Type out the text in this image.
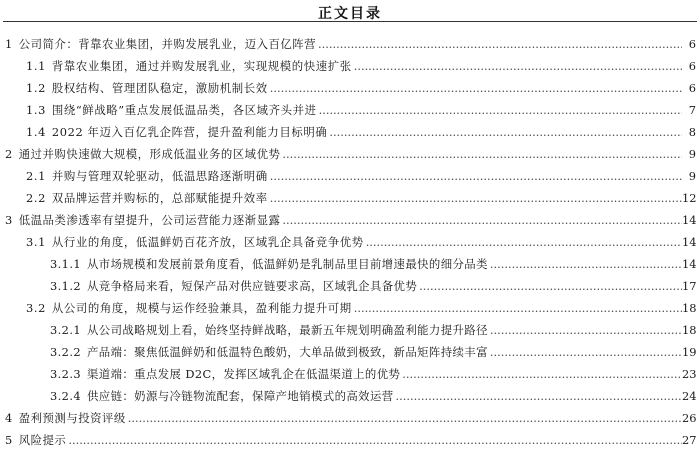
正文目录
1 公司简介：背靠农业集团，并购发展乳业，迈入百亿阵营 .....	6
1.1 背靠农业集团，通过并购发展乳业，实现规模的快速扩张 .....	6
1.2 股权结构、管理团队稳定，激励机制长效 .....	6
1.3 围绕“鲜战略”重点发展低温品类，各区域齐头并进 .....	7
1.4 2022 年迈入百亿乳企阵营，提升盈利能力目标明确 .....	8
2 通过并购快速做大规模，形成低温业务的区域优势 .....	9
2.1 并购与管理双轮驱动，低温思路逐渐明确 .....	9
2.2 双品牌运营并购标的，总部赋能提升效率 .....	12
3 低温品类渗透率有望提升，公司运营能力逐渐显露 .....	14
3.1 从行业的角度，低温鲜奶百花齐放，区域乳企具备竞争优势 .....	14
3.1.1 从市场规模和发展前景角度看，低温鲜奶是乳制品里目前增速最快的细分品类 .....	14
3.1.2 从竞争格局来看，短保产品对供应链要求高，区域乳企具备优势 .....	17
3.2 从公司的角度，规模与运作经验兼具，盈利能力提升可期 .....	18
3.2.1 从公司战略规划上看，始终坚持鲜战略，最新五年规划明确盈利能力提升路径 .....	18
3.2.2 产品端：聚焦低温鲜奶和低温特色酸奶，大单品做到极致，新品矩阵持续丰富 .....	19
3.2.3 渠道端：重点发展 D2C，发挥区域乳企在低温渠道上的优势 .....	23
3.2.4 供应链：奶源与冷链物流配套，保障产地销模式的高效运营 .....	24
4 盈利预测与投资评级 .....	26
5 风险提示 .....	27
